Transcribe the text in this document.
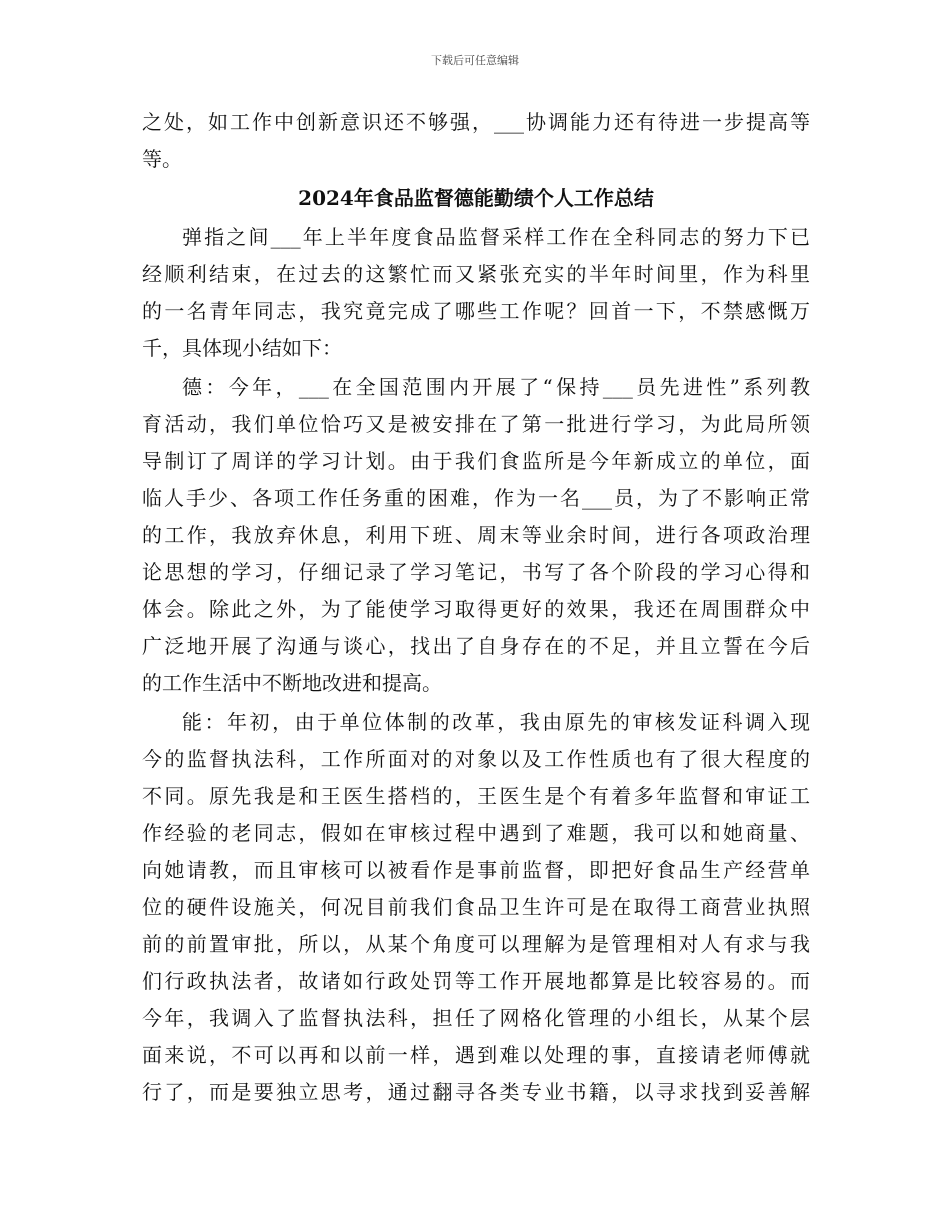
下载后可任意编辑
之处，如工作中创新意识还不够强，___协调能力还有待进一步提高等
等。
2024年食品监督德能勤绩个人工作总结
弹指之间___年上半年度食品监督采样工作在全科同志的努力下已
经顺利结束，在过去的这繁忙而又紧张充实的半年时间里，作为科里
的一名青年同志，我究竟完成了哪些工作呢？回首一下，不禁感慨万
千，具体现小结如下：
德：今年，___在全国范围内开展了“保持___员先进性”系列教
育活动，我们单位恰巧又是被安排在了第一批进行学习，为此局所领
导制订了周详的学习计划。由于我们食监所是今年新成立的单位，面
临人手少、各项工作任务重的困难，作为一名___员，为了不影响正常
的工作，我放弃休息，利用下班、周末等业余时间，进行各项政治理
论思想的学习，仔细记录了学习笔记，书写了各个阶段的学习心得和
体会。除此之外，为了能使学习取得更好的效果，我还在周围群众中
广泛地开展了沟通与谈心，找出了自身存在的不足，并且立誓在今后
的工作生活中不断地改进和提高。
能：年初，由于单位体制的改革，我由原先的审核发证科调入现
今的监督执法科，工作所面对的对象以及工作性质也有了很大程度的
不同。原先我是和王医生搭档的，王医生是个有着多年监督和审证工
作经验的老同志，假如在审核过程中遇到了难题，我可以和她商量、
向她请教，而且审核可以被看作是事前监督，即把好食品生产经营单
位的硬件设施关，何况目前我们食品卫生许可是在取得工商营业执照
前的前置审批，所以，从某个角度可以理解为是管理相对人有求与我
们行政执法者，故诸如行政处罚等工作开展地都算是比较容易的。而
今年，我调入了监督执法科，担任了网格化管理的小组长，从某个层
面来说，不可以再和以前一样，遇到难以处理的事，直接请老师傅就
行了，而是要独立思考，通过翻寻各类专业书籍，以寻求找到妥善解
